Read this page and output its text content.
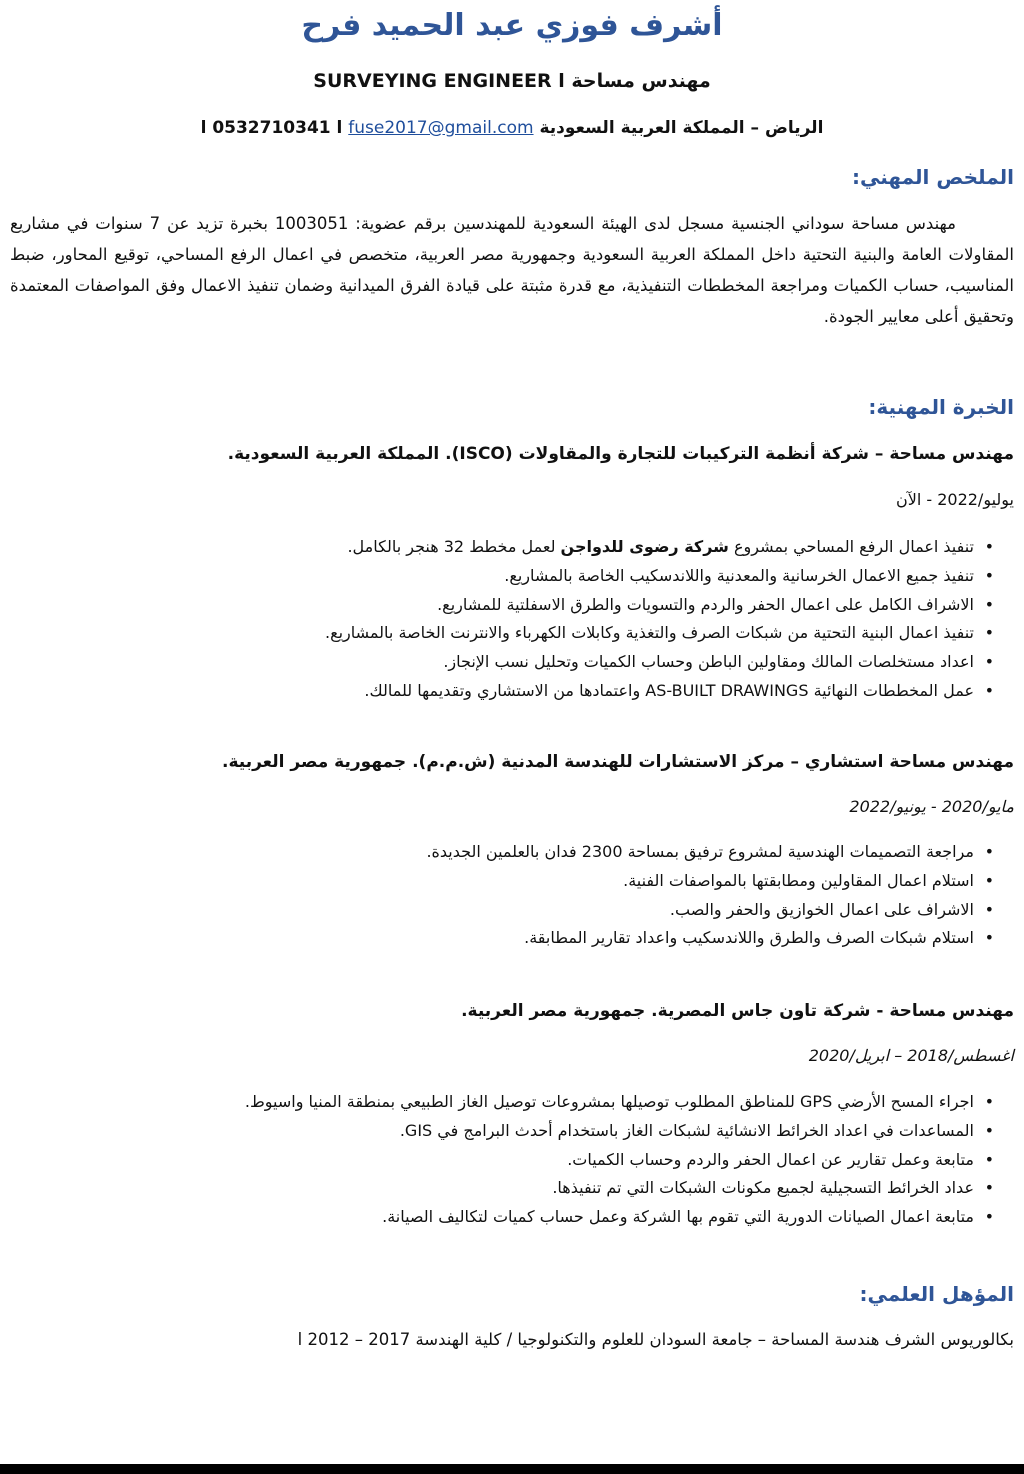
أشرف فوزي عبد الحميد فرح
مهندس مساحة SURVEYING ENGINEER l
الرياض – المملكة العربية السعودية l 0532710341 l fuse2017@gmail.com
الملخص المهني:
مهندس مساحة سوداني الجنسية مسجل لدى الهيئة السعودية للمهندسين برقم عضوية: 1003051 بخبرة تزيد عن 7 سنوات في مشاريع المقاولات العامة والبنية التحتية داخل المملكة العربية السعودية وجمهورية مصر العربية، متخصص في اعمال الرفع المساحي، توقيع المحاور، ضبط المناسيب، حساب الكميات ومراجعة المخططات التنفيذية، مع قدرة مثبتة على قيادة الفرق الميدانية وضمان تنفيذ الاعمال وفق المواصفات المعتمدة وتحقيق أعلى معايير الجودة.
الخبرة المهنية:
مهندس مساحة – شركة أنظمة التركيبات للتجارة والمقاولات (ISCO). المملكة العربية السعودية.
يوليو/2022 - الآن
• تنفيذ اعمال الرفع المساحي بمشروع شركة رضوى للدواجن لعمل مخطط 32 هنجر بالكامل.
• تنفيذ جميع الاعمال الخرسانية والمعدنية واللاندسكيب الخاصة بالمشاريع.
• الاشراف الكامل على اعمال الحفر والردم والتسويات والطرق الاسفلتية للمشاريع.
• تنفيذ اعمال البنية التحتية من شبكات الصرف والتغذية وكابلات الكهرباء والانترنت الخاصة بالمشاريع.
• اعداد مستخلصات المالك ومقاولين الباطن وحساب الكميات وتحليل نسب الإنجاز.
• عمل المخططات النهائية AS-BUILT DRAWINGS واعتمادها من الاستشاري وتقديمها للمالك.
مهندس مساحة استشاري – مركز الاستشارات للهندسة المدنية (ش.م.م). جمهورية مصر العربية.
مايو/2020 - يونيو/2022
• مراجعة التصميمات الهندسية لمشروع ترفيق بمساحة 2300 فدان بالعلمين الجديدة.
• استلام اعمال المقاولين ومطابقتها بالمواصفات الفنية.
• الاشراف على اعمال الخوازيق والحفر والصب.
• استلام شبكات الصرف والطرق واللاندسكيب واعداد تقارير المطابقة.
مهندس مساحة - شركة تاون جاس المصرية. جمهورية مصر العربية.
اغسطس/2018 – ابريل/2020
• اجراء المسح الأرضي GPS للمناطق المطلوب توصيلها بمشروعات توصيل الغاز الطبيعي بمنطقة المنيا واسيوط.
• المساعدات في اعداد الخرائط الانشائية لشبكات الغاز باستخدام أحدث البرامج في GIS.
• متابعة وعمل تقارير عن اعمال الحفر والردم وحساب الكميات.
• عداد الخرائط التسجيلية لجميع مكونات الشبكات التي تم تنفيذها.
• متابعة اعمال الصيانات الدورية التي تقوم بها الشركة وعمل حساب كميات لتكاليف الصيانة.
المؤهل العلمي:
بكالوريوس الشرف هندسة المساحة – جامعة السودان للعلوم والتكنولوجيا / كلية الهندسة l 2012 – 2017
